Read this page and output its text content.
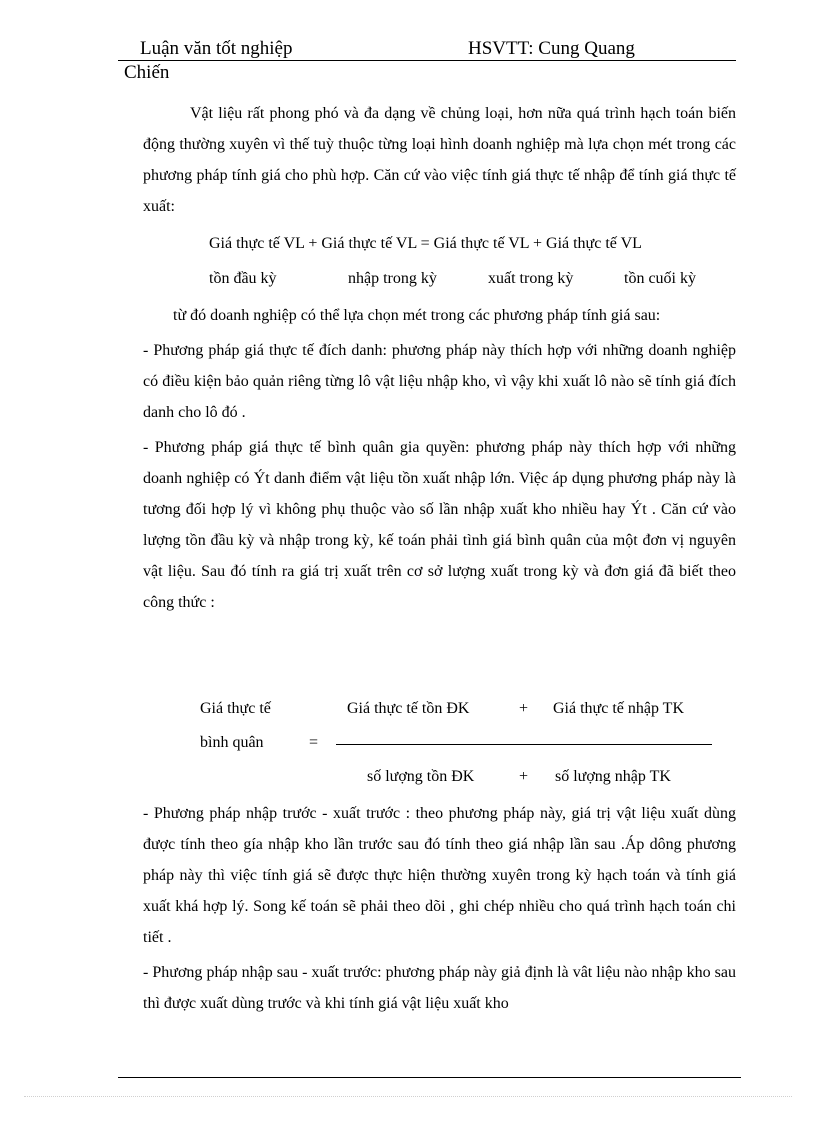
Luận văn tốt nghiệp	HSVTT: Cung Quang
Chiến

Vật liệu rất phong phó và đa dạng về chủng loại, hơn nữa quá trình hạch toán biến động thường xuyên vì thế tuỳ thuộc từng loại hình doanh nghiệp mà lựa chọn mét trong các phương pháp tính giá cho phù hợp. Căn cứ vào việc tính giá thực tế nhập để tính giá thực tế xuất:

Giá thực tế VL + Giá thực tế VL = Giá thực tế VL + Giá thực tế VL
tồn đầu kỳ	nhập trong kỳ	xuất trong kỳ	tồn cuối kỳ

từ đó doanh nghiệp có thể lựa chọn mét trong các phương pháp tính giá sau:

- Phương pháp giá thực tế đích danh: phương pháp này thích hợp với những doanh nghiệp có điều kiện bảo quản riêng từng lô vật liệu nhập kho, vì vậy khi xuất lô nào sẽ tính giá đích danh cho lô đó .

- Phương pháp giá thực tế bình quân gia quyền: phương pháp này thích hợp với những doanh nghiệp có Ýt danh điểm vật liệu tồn xuất nhập lớn. Việc áp dụng phương pháp này là tương đối hợp lý vì không phụ thuộc vào số lần nhập xuất kho nhiều hay Ýt . Căn cứ vào lượng tồn đầu kỳ và nhập trong kỳ, kế toán phải tình giá bình quân của một đơn vị nguyên vật liệu. Sau đó tính ra giá trị xuất trên cơ sở lượng xuất trong kỳ và đơn giá đã biết theo công thức :

Giá thực tế
bình quân	=
Giá thực tế tồn ĐK	+ Giá thực tế nhập TK
số lượng tồn ĐK	+ số lượng nhập TK

- Phương pháp nhập trước - xuất trước : theo phương pháp này, giá trị vật liệu xuất dùng được tính theo gía nhập kho lần trước sau đó tính theo giá nhập lần sau .Áp dông phương pháp này thì việc tính giá sẽ được thực hiện thường xuyên trong kỳ hạch toán và tính giá xuất khá hợp lý. Song kế toán sẽ phải theo dõi , ghi chép nhiều cho quá trình hạch toán chi tiết .

- Phương pháp nhập sau - xuất trước: phương pháp này giả định là vât liệu nào nhập kho sau thì được xuất dùng trước và khi tính giá vật liệu xuất kho
